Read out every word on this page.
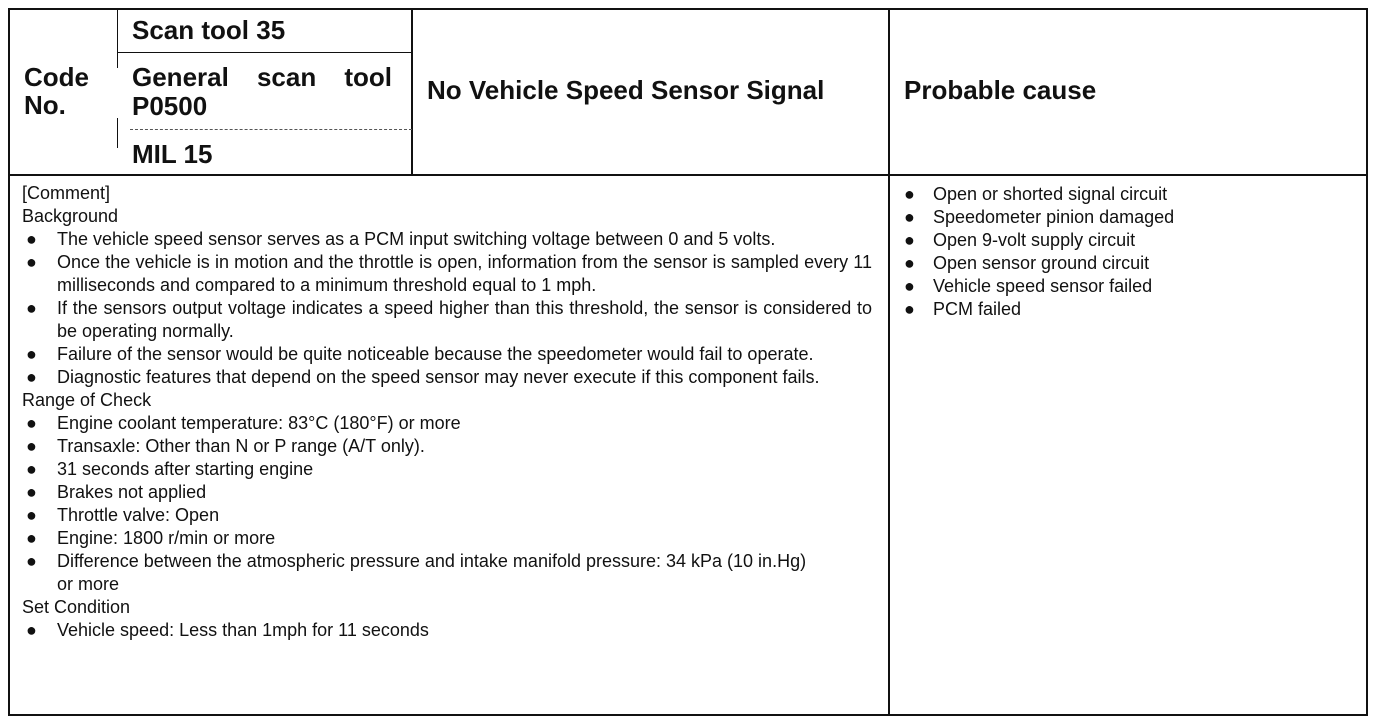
Code
No.
Scan tool 35
General scan tool
P0500
MIL 15
No Vehicle Speed Sensor Signal	Probable cause
[Comment]
Background
● The vehicle speed sensor serves as a PCM input switching voltage between 0 and 5 volts.
● Once the vehicle is in motion and the throttle is open, information from the sensor is sampled every 11 milliseconds and compared to a minimum threshold equal to 1 mph.
● If the sensors output voltage indicates a speed higher than this threshold, the sensor is considered to be operating normally.
● Failure of the sensor would be quite noticeable because the speedometer would fail to operate.
● Diagnostic features that depend on the speed sensor may never execute if this component fails.
Range of Check
● Engine coolant temperature: 83°C (180°F) or more
● Transaxle: Other than N or P range (A/T only).
● 31 seconds after starting engine
● Brakes not applied
● Throttle valve: Open
● Engine: 1800 r/min or more
● Difference between the atmospheric pressure and intake manifold pressure: 34 kPa (10 in.Hg) or more
Set Condition
● Vehicle speed: Less than 1mph for 11 seconds
● Open or shorted signal circuit
● Speedometer pinion damaged
● Open 9-volt supply circuit
● Open sensor ground circuit
● Vehicle speed sensor failed
● PCM failed
